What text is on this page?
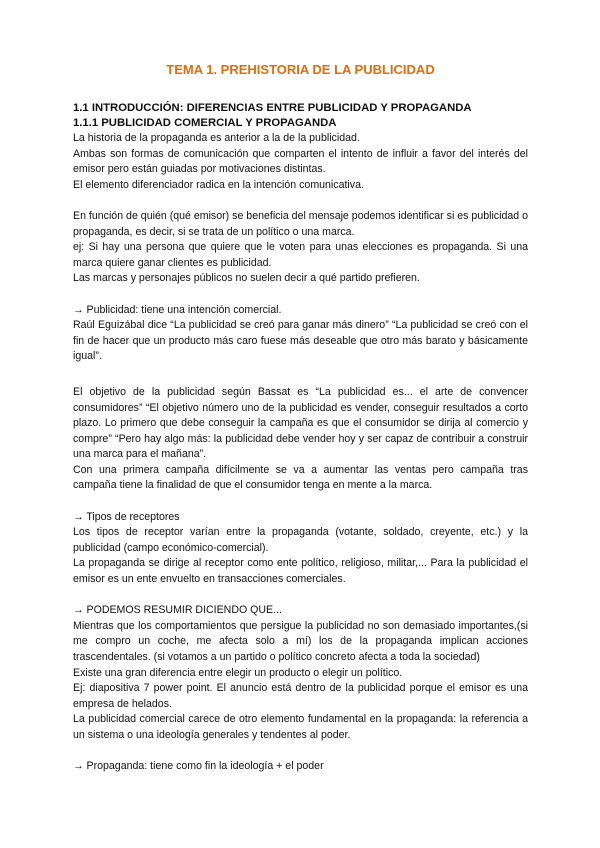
TEMA 1. PREHISTORIA DE LA PUBLICIDAD
1.1 INTRODUCCIÓN: DIFERENCIAS ENTRE PUBLICIDAD Y PROPAGANDA
1.1.1 PUBLICIDAD COMERCIAL Y PROPAGANDA
La historia de la propaganda es anterior a la de la publicidad.
Ambas son formas de comunicación que comparten el intento de influir a favor del interés del emisor pero están guiadas por motivaciones distintas.
El elemento diferenciador radica en la intención comunicativa.
En función de quién (qué emisor) se beneficia del mensaje podemos identificar si es publicidad o propaganda, es decir, si se trata de un político o una marca.
ej: Si hay una persona que quiere que le voten para unas elecciones es propaganda. Si una marca quiere ganar clientes es publicidad.
Las marcas y personajes públicos no suelen decir a qué partido prefieren.
→ Publicidad: tiene una intención comercial.
Raúl Eguizábal dice “La publicidad se creó para ganar más dinero” “La publicidad se creó con el fin de hacer que un producto más caro fuese más deseable que otro más barato y básicamente igual”.
El objetivo de la publicidad según Bassat es “La publicidad es... el arte de convencer consumidores” “El objetivo número uno de la publicidad es vender, conseguir resultados a corto plazo. Lo primero que debe conseguir la campaña es que el consumidor se dirija al comercio y compre” “Pero hay algo más: la publicidad debe vender hoy y ser capaz de contribuir a construir una marca para el mañana”.
Con una primera campaña difícilmente se va a aumentar las ventas pero campaña tras campaña tiene la finalidad de que el consumidor tenga en mente a la marca.
→ Tipos de receptores
Los tipos de receptor varían entre la propaganda (votante, soldado, creyente, etc.) y la publicidad (campo económico-comercial).
La propaganda se dirige al receptor como ente político, religioso, militar,... Para la publicidad el emisor es un ente envuelto en transacciones comerciales.
→ PODEMOS RESUMIR DICIENDO QUE...
Mientras que los comportamientos que persigue la publicidad no son demasiado importantes,(si me compro un coche, me afecta solo a mí) los de la propaganda implican acciones trascendentales. (si votamos a un partido o político concreto afecta a toda la sociedad)
Existe una gran diferencia entre elegir un producto o elegir un político.
Ej: diapositiva 7 power point. El anuncio está dentro de la publicidad porque el emisor es una empresa de helados.
La publicidad comercial carece de otro elemento fundamental en la propaganda: la referencia a un sistema o una ideología generales y tendentes al poder.
→ Propaganda: tiene como fin la ideología + el poder
